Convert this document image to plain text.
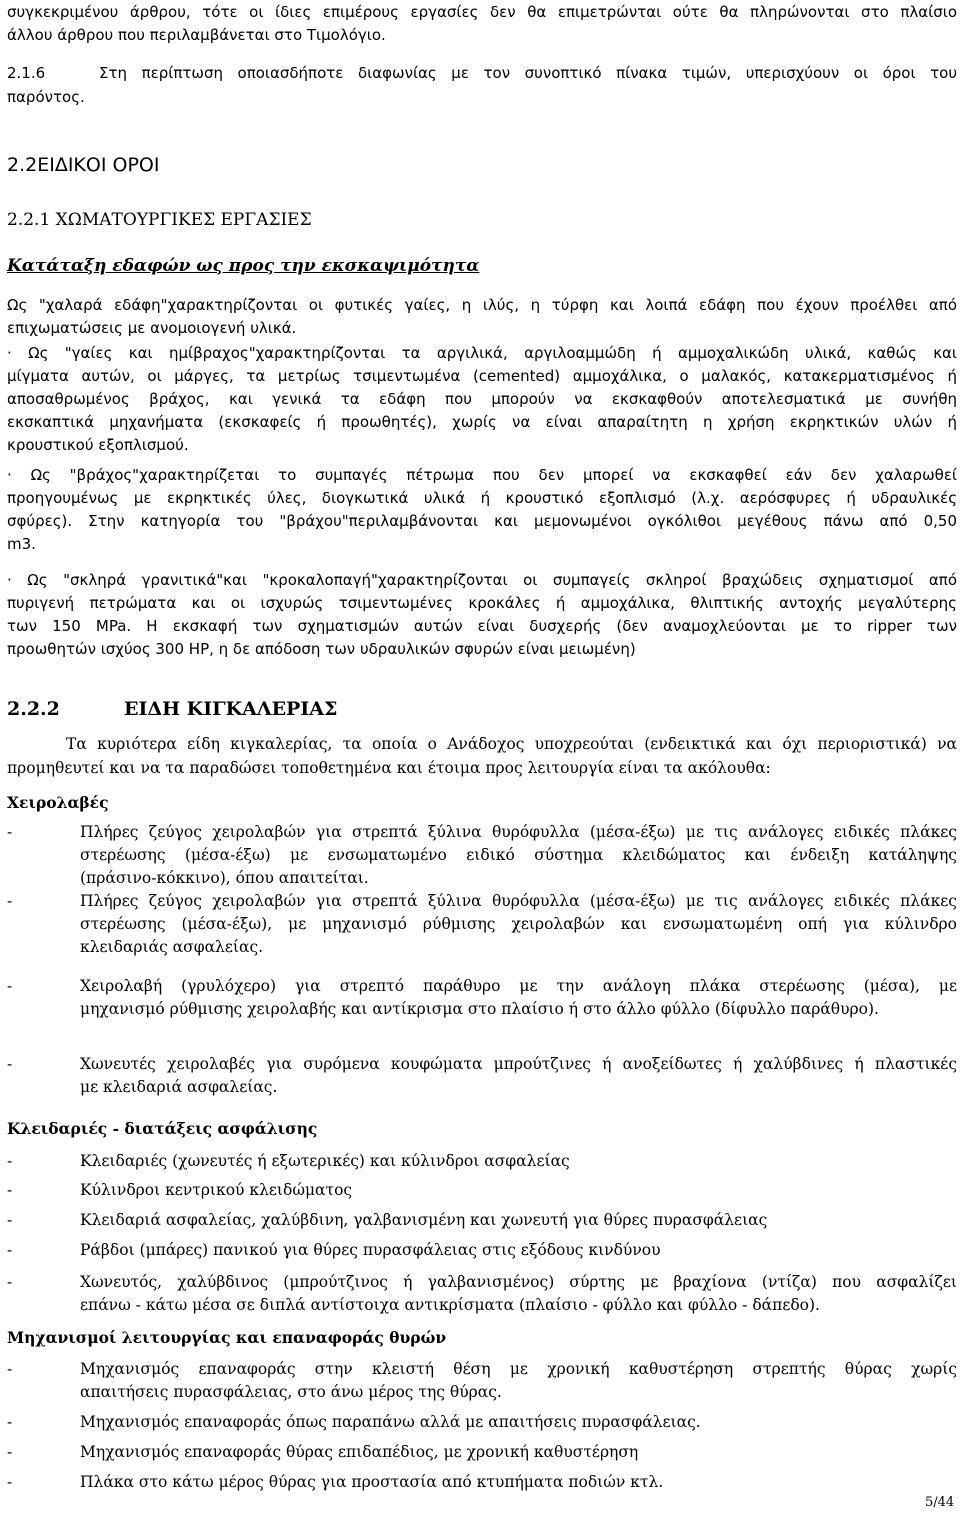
συγκεκριμένου άρθρου, τότε οι ίδιες επιμέρους εργασίες δεν θα επιμετρώνται ούτε θα πληρώνονται στο πλαίσιο

άλλου άρθρου που περιλαμβάνεται στο Τιμολόγιο.

2.1.6	Στη περίπτωση οποιασδήποτε διαφωνίας με τον συνοπτικό πίνακα τιμών, υπερισχύουν οι όροι του

παρόντος.

2.2ΕΙΔΙΚΟΙ ΟΡΟΙ

2.2.1 ΧΩΜΑΤΟΥΡΓΙΚΕΣ ΕΡΓΑΣΙΕΣ

Κατάταξη εδαφών ως προς την εκσκαψιμότητα

Ως "χαλαρά εδάφη"χαρακτηρίζονται οι φυτικές γαίες, η ιλύς, η τύρφη και λοιπά εδάφη που έχουν προέλθει από

επιχωματώσεις με ανομοιογενή υλικά.

· Ως "γαίες και ημίβραχος"χαρακτηρίζονται τα αργιλικά, αργιλοαμμώδη ή αμμοχαλικώδη υλικά, καθώς και

μίγματα αυτών, οι μάργες, τα μετρίως τσιμεντωμένα (cemented) αμμοχάλικα, ο μαλακός, κατακερματισμένος ή

αποσαθρωμένος βράχος, και γενικά τα εδάφη που μπορούν να εκσκαφθούν αποτελεσματικά με συνήθη

εκσκαπτικά μηχανήματα (εκσκαφείς ή προωθητές), χωρίς να είναι απαραίτητη η χρήση εκρηκτικών υλών ή

κρουστικού εξοπλισμού.

· Ως "βράχος"χαρακτηρίζεται το συμπαγές πέτρωμα που δεν μπορεί να εκσκαφθεί εάν δεν χαλαρωθεί

προηγουμένως με εκρηκτικές ύλες, διογκωτικά υλικά ή κρουστικό εξοπλισμό (λ.χ. αερόσφυρες ή υδραυλικές

σφύρες). Στην κατηγορία του "βράχου"περιλαμβάνονται και μεμονωμένοι ογκόλιθοι μεγέθους πάνω από 0,50

m3.

· Ως "σκληρά γρανιτικά"και "κροκαλοπαγή"χαρακτηρίζονται οι συμπαγείς σκληροί βραχώδεις σχηματισμοί από

πυριγενή πετρώματα και οι ισχυρώς τσιμεντωμένες κροκάλες ή αμμοχάλικα, θλιπτικής αντοχής μεγαλύτερης

των 150 MPa. Η εκσκαφή των σχηματισμών αυτών είναι δυσχερής (δεν αναμοχλεύονται με το ripper των

προωθητών ισχύος 300 HP, η δε απόδοση των υδραυλικών σφυρών είναι μειωμένη)

2.2.2	ΕΙΔΗ ΚΙΓΚΑΛΕΡΙΑΣ

Τα κυριότερα είδη κιγκαλερίας, τα οποία ο Ανάδοχος υποχρεούται (ενδεικτικά και όχι περιοριστικά) να

προμηθευτεί και να τα παραδώσει τοποθετημένα και έτοιμα προς λειτουργία είναι τα ακόλουθα:

Χειρολαβές

-	Πλήρες ζεύγος χειρολαβών για στρεπτά ξύλινα θυρόφυλλα (μέσα-έξω) με τις ανάλογες ειδικές πλάκες
στερέωσης (μέσα-έξω) με ενσωματωμένο ειδικό σύστημα κλειδώματος και ένδειξη κατάληψης
(πράσινο-κόκκινο), όπου απαιτείται.
-	Πλήρες ζεύγος χειρολαβών για στρεπτά ξύλινα θυρόφυλλα (μέσα-έξω) με τις ανάλογες ειδικές πλάκες
στερέωσης (μέσα-έξω), με μηχανισμό ρύθμισης χειρολαβών και ενσωματωμένη οπή για κύλινδρο
κλειδαριάς ασφαλείας.
-	Χειρολαβή (γρυλόχερο) για στρεπτό παράθυρο με την ανάλογη πλάκα στερέωσης (μέσα), με
μηχανισμό ρύθμισης χειρολαβής και αντίκρισμα στο πλαίσιο ή στο άλλο φύλλο (δίφυλλο παράθυρο).
-	Χωνευτές χειρολαβές για συρόμενα κουφώματα μπρούτζινες ή ανοξείδωτες ή χαλύβδινες ή πλαστικές
με κλειδαριά ασφαλείας.

Κλειδαριές - διατάξεις ασφάλισης

-	Κλειδαριές (χωνευτές ή εξωτερικές) και κύλινδροι ασφαλείας
-	Κύλινδροι κεντρικού κλειδώματος
-	Κλειδαριά ασφαλείας, χαλύβδινη, γαλβανισμένη και χωνευτή για θύρες πυρασφάλειας
-	Ράβδοι (μπάρες) πανικού για θύρες πυρασφάλειας στις εξόδους κινδύνου
-	Χωνευτός, χαλύβδινος (μπρούτζινος ή γαλβανισμένος) σύρτης με βραχίονα (ντίζα) που ασφαλίζει
επάνω - κάτω μέσα σε διπλά αντίστοιχα αντικρίσματα (πλαίσιο - φύλλο και φύλλο - δάπεδο).

Μηχανισμοί λειτουργίας και επαναφοράς θυρών

-	Μηχανισμός επαναφοράς στην κλειστή θέση με χρονική καθυστέρηση στρεπτής θύρας χωρίς
απαιτήσεις πυρασφάλειας, στο άνω μέρος της θύρας.
-	Μηχανισμός επαναφοράς όπως παραπάνω αλλά με απαιτήσεις πυρασφάλειας.
-	Μηχανισμός επαναφοράς θύρας επιδαπέδιος, με χρονική καθυστέρηση
-	Πλάκα στο κάτω μέρος θύρας για προστασία από κτυπήματα ποδιών κτλ.
5/44
